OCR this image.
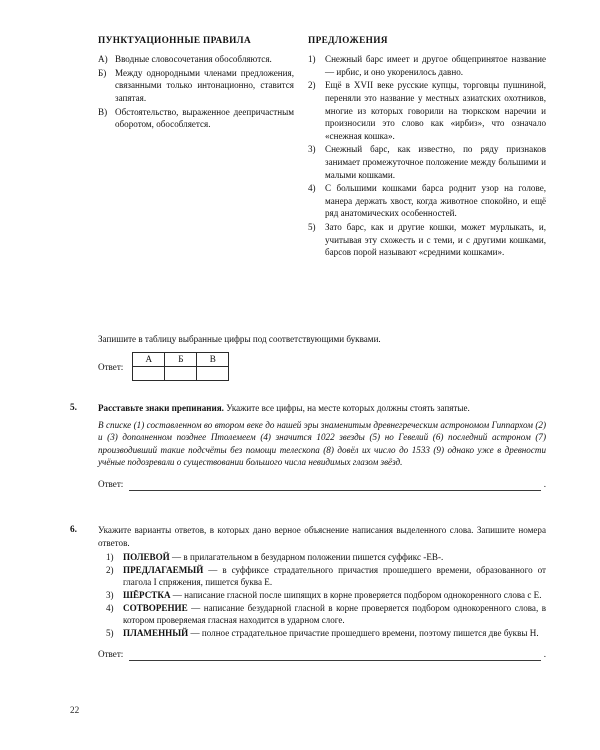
ПУНКТУАЦИОННЫЕ ПРАВИЛА
А) Вводные словосочетания обособляются.
Б) Между однородными членами предложения, связанными только интонационно, ставится запятая.
В) Обстоятельство, выраженное деепричастным оборотом, обособляется.
ПРЕДЛОЖЕНИЯ
1)	Снежный барс имеет и другое общепринятое название — ирбис, и оно укоренилось давно.
2)	Ещё в XVII веке русские купцы, торговцы пушниной, переняли это название у местных азиатских охотников, многие из которых говорили на тюркском наречии и произносили это слово как «ирбиз», что означало «снежная кошка».
3)	Снежный барс, как известно, по ряду признаков занимает промежуточное положение между большими и малыми кошками.
4)	С большими кошками барса роднит узор на голове, манера держать хвост, когда животное спокойно, и ещё ряд анатомических особенностей.
5)	Зато барс, как и другие кошки, может мурлыкать, и, учитывая эту схожесть и с теми, и с другими кошками, барсов порой называют «средними кошками».
Запишите в таблицу выбранные цифры под соответствующими буквами.
Ответ:
А	Б	В

5.	Расставьте знаки препинания. Укажите все цифры, на месте которых должны стоять запятые.

В списке (1) составленном во втором веке до нашей эры знаменитым древнегреческим астрономом Гиппархом (2) и (3) дополненном позднее Птолемеем (4) значится 1022 звезды (5) но Гевелий (6) последний астроном (7) производивший такие подсчёты без помощи телескопа (8) довёл их число до 1533 (9) однако уже в древности учёные подозревали о существовании большого числа невидимых глазом звёзд.

Ответ:	.
6.	Укажите варианты ответов, в которых дано верное объяснение написания выделенного слова. Запишите номера ответов.

1)	ПОЛЕВОЙ — в прилагательном в безударном положении пишется суффикс -ЕВ-.
2)	ПРЕДЛАГАЕМЫЙ — в суффиксе страдательного причастия прошедшего времени, образованного от глагола I спряжения, пишется буква Е.
3)	ШЁРСТКА — написание гласной после шипящих в корне проверяется подбором однокоренного слова с Е.
4)	СОТВОРЕНИЕ — написание безударной гласной в корне проверяется подбором однокоренного слова, в котором проверяемая гласная находится в ударном слоге.
5)	ПЛАМЕННЫЙ — полное страдательное причастие прошедшего времени, поэтому пишется две буквы Н.
Ответ:	.
22
